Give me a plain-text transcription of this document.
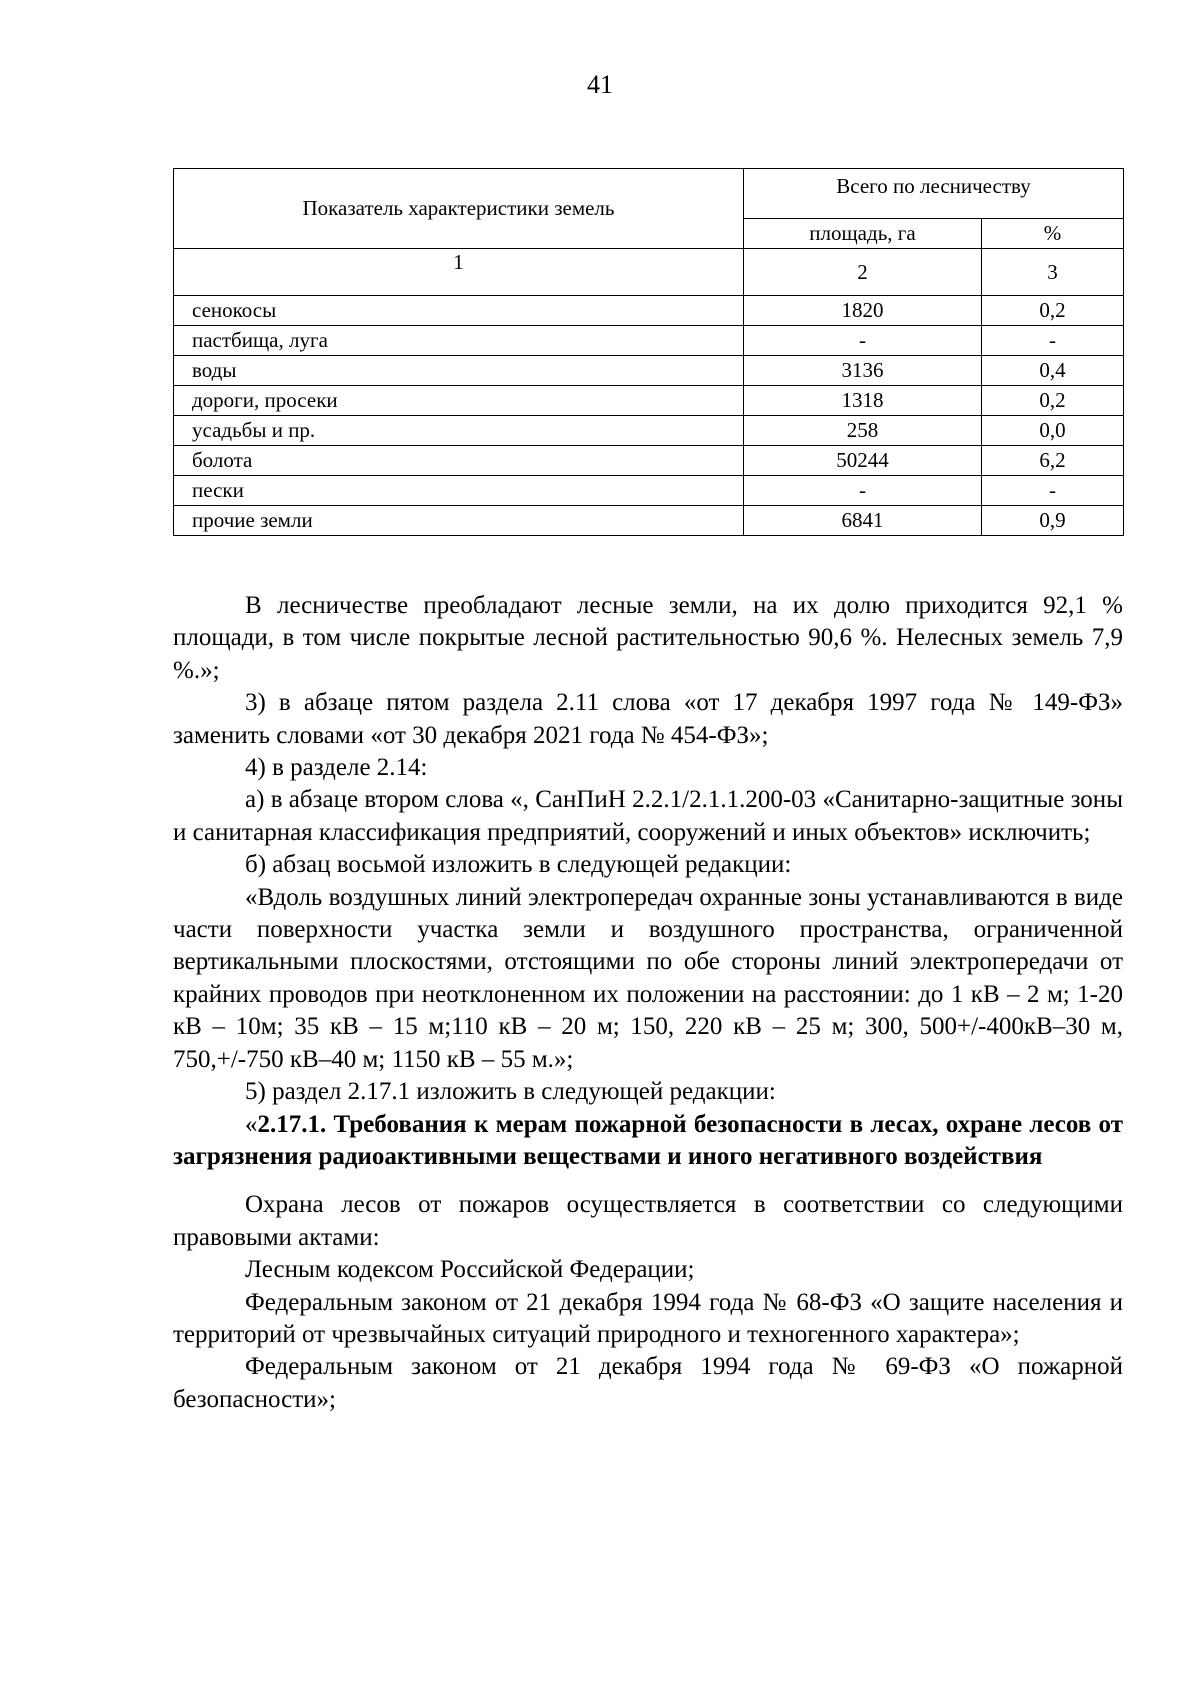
41
Показатель характеристики земель	Всего по лесничеству	
	площадь, га	%
1	2	3
сенокосы	1820	0,2
пастбища, луга	-	-
воды	3136	0,4
дороги, просеки	1318	0,2
усадьбы и пр.	258	0,0
болота	50244	6,2
пески	-	-
прочие земли	6841	0,9

В лесничестве преобладают лесные земли, на их долю приходится 92,1 % площади, в том числе покрытые лесной растительностью 90,6 %. Нелесных земель 7,9 %.»;

3) в абзаце пятом раздела 2.11 слова «от 17 декабря 1997 года № 149-ФЗ» заменить словами «от 30 декабря 2021 года № 454-ФЗ»;

4) в разделе 2.14:

а) в абзаце втором слова «, СанПиН 2.2.1/2.1.1.200-03 «Санитарно-защитные зоны и санитарная классификация предприятий, сооружений и иных объектов» исключить;

б) абзац восьмой изложить в следующей редакции:

«Вдоль воздушных линий электропередач охранные зоны устанавливаются в виде части поверхности участка земли и воздушного пространства, ограниченной вертикальными плоскостями, отстоящими по обе стороны линий электропередачи от крайних проводов при неотклоненном их положении на расстоянии: до 1 кВ – 2 м; 1-20 кВ – 10м; 35 кВ – 15 м;110 кВ – 20 м; 150, 220 кВ – 25 м; 300, 500+/-400кВ–30 м, 750,+/-750 кВ–40 м; 1150 кВ – 55 м.»;

5) раздел 2.17.1 изложить в следующей редакции:

«2.17.1. Требования к мерам пожарной безопасности в лесах, охране лесов от загрязнения радиоактивными веществами и иного негативного воздействия

Охрана лесов от пожаров осуществляется в соответствии со следующими правовыми актами:

Лесным кодексом Российской Федерации;

Федеральным законом от 21 декабря 1994 года № 68-ФЗ «О защите населения и территорий от чрезвычайных ситуаций природного и техногенного характера»;

Федеральным законом от 21 декабря 1994 года № 69-ФЗ «О пожарной безопасности»;
